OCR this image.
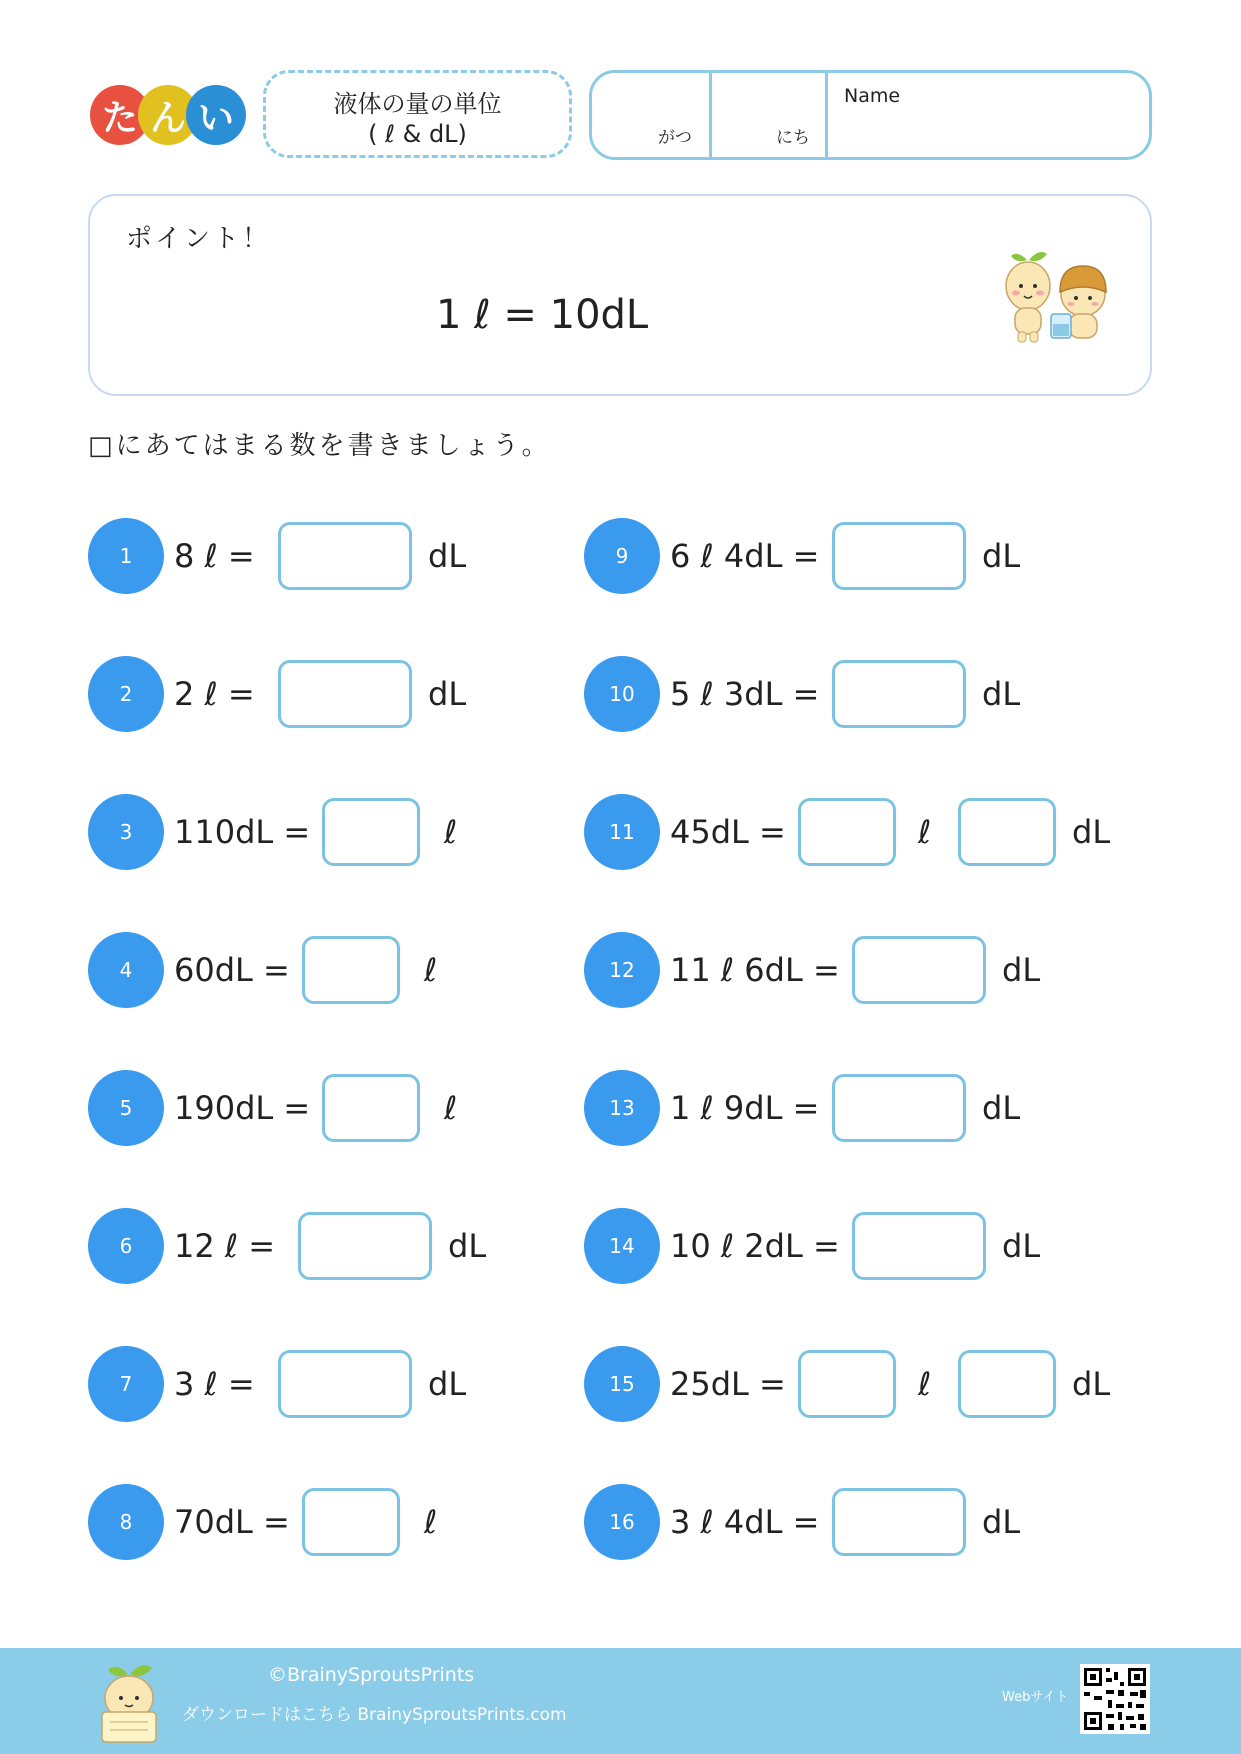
た ん い	液体の量の単位
( ℓ & dL)	がつ	にち
Name
ポイント！
1 ℓ = 10dL
□にあてはまる数を書きましょう。
1	8 ℓ =	dL
2	2 ℓ =	dL
3	110dL =	ℓ
4	60dL =	ℓ
5	190dL =	ℓ
6	12 ℓ =	dL
7	3 ℓ =	dL
8	70dL =	ℓ
9	6 ℓ 4dL =	dL
10	5 ℓ 3dL =	dL
11	45dL =	ℓ	dL
12	11 ℓ 6dL =	dL
13	1 ℓ 9dL =	dL
14	10 ℓ 2dL =	dL
15	25dL =	ℓ	dL
16	3 ℓ 4dL =	dL
©BrainySproutsPrints
ダウンロードはこちら BrainySproutsPrints.com
Webサイト
